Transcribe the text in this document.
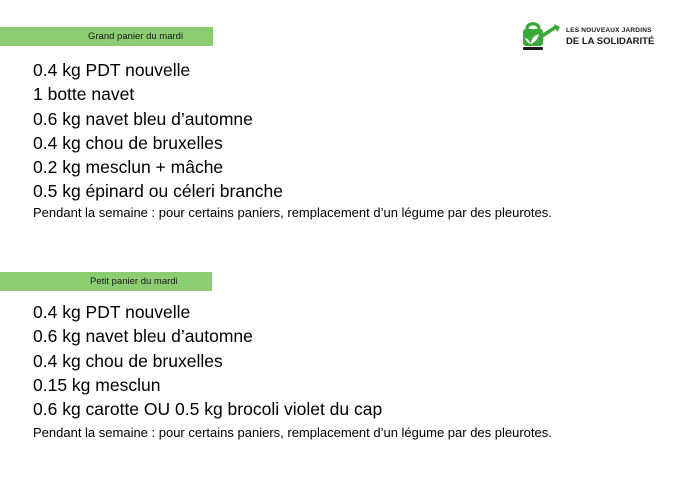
LES NOUVEAUX JARDINS
DE LA SOLIDARITÉ
Grand panier du mardi
0.4 kg PDT nouvelle
1 botte navet
0.6 kg navet bleu d’automne
0.4 kg chou de bruxelles
0.2 kg mesclun + mâche
0.5 kg épinard ou céleri branche
Pendant la semaine : pour certains paniers, remplacement d’un légume par des pleurotes.
Petit panier du mardi
0.4 kg PDT nouvelle
0.6 kg navet bleu d’automne
0.4 kg chou de bruxelles
0.15 kg mesclun
0.6 kg carotte OU 0.5 kg brocoli violet du cap
Pendant la semaine : pour certains paniers, remplacement d’un légume par des pleurotes.
